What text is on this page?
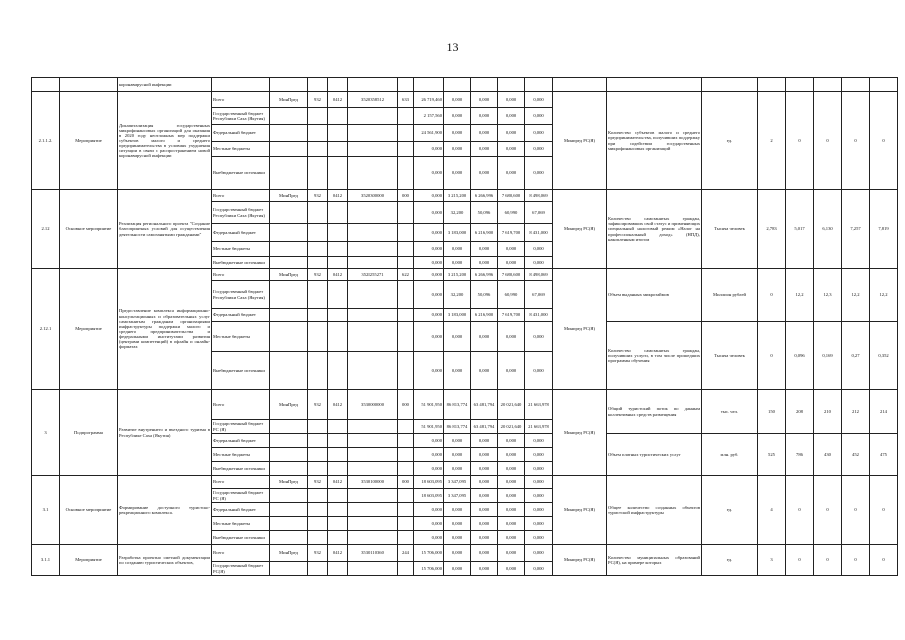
13
		коронавирусной инфекции																			
2.1.1.2.	Мероприятие	Докапитализация государственных микрофинансовых организаций для оказания в 2020 году неотложных мер поддержки субъектов малого и среднего предпринимательства в условиях ухудшения ситуации в связи с распространением новой коронавирусной инфекции	Всего	МинПред	932	0412	3520358512	633	26 719,460	0,000	0,000	0,000	0,000	Минпред РС(Я)	Количество субъектов малого и среднего предпринимательства, получивших поддержку при содействии государственных микрофинансовых организаций	ед.	2	0	0	0	0
			Государственный бюджет Республики Саха (Якутия)						2 157,560	0,000	0,000	0,000	0,000								
			Федеральный бюджет						24 561,900	0,000	0,000	0,000	0,000								
			Местные бюджеты						0,000	0,000	0,000	0,000	0,000								
			Внебюджетные источники						0,000	0,000	0,000	0,000	0,000								
2.12	Основное мероприятие	Реализация регионального проекта "Создание благоприятных условий для осуществления деятельности самозанятыми гражданами"	Всего	МинПред	932	0412	3520300000	000	0,000	3 215,200	6 266,996	7 680,600	8 498,069	Минпред РС(Я)	Количество самозанятых граждан, зафиксировавших свой статус и применяющих специальный налоговый режим «Налог на профессиональный доход» (НПД), накопленным итогом	Тысяча человек	2,783	5,017	6,130	7,257	7,819
			Государственный бюджет Республики Саха (Якутия)						0,000	32,200	50,096	60,990	67,069								
			Федеральный бюджет						0,000	3 183,000	6 216,900	7 619,700	8 431,000								
			Местные бюджеты						0,000	0,000	0,000	0,000	0,000								
			Внебюджетные источники						0,000	0,000	0,000	0,000	0,000								
2.12.1	Мероприятие	Предоставление комплекса информационно-консультационных и образовательных услуг самозанятым гражданам организациями инфраструктуры поддержки малого и среднего предпринимательства и федеральными институтами развития (центрами компетенций) в офлайн и онлайн-форматах	Всего	МинПред	932	0412	352I255271	622	0,000	3 215,200	6 266,996	7 680,600	8 498,069	Минпред РС(Я)	Объем выданных микрозаймов	Миллион рублей	0	12,2	12,3	12,2	12,2
			Государственный бюджет Республики Саха (Якутия)						0,000	32,200	50,096	60,990	67,069								
			Федеральный бюджет						0,000	3 183,000	6 216,900	7 619,700	8 431,000								
			Местные бюджеты						0,000	0,000	0,000	0,000	0,000		Количество самозанятых граждан, получивших услуги, в том числе прошедших программы обучения	Тысяча человек	0	0,096	0,169	0,27	0,352
			Внебюджетные источники						0,000	0,000	0,000	0,000	0,000								
3	Подпрограмма	Развитие внутреннего и въездного туризма в Республике Саха (Якутия)	Всего	МинПред	932	0412	3530000000	000	51 901,950	86 813,774	63 481,794	20 021,640	21 663,978	Минпред РС(Я)	Общий туристский поток по данным коллективных средств размещения	тыс. чел.	150	208	210	212	214
			Государственный бюджет РС (Я)						51 901,950	86 813,774	63 481,794	20 021,640	21 663,978								
			Федеральный бюджет						0,000	0,000	0,000	0,000	0,000		Объем платных туристических услуг	млн. руб.	525	786	430	452	475
			Местные бюджеты						0,000	0,000	0,000	0,000	0,000								
			Внебюджетные источники						0,000	0,000	0,000	0,000	0,000								
3.1	Основное мероприятие	Формирование доступного туристско-рекреационного комплекса.	Всего	МинПред	932	0412	3530100000	000	18 603,095	3 347,095	0,000	0,000	0,000	Минпред РС(Я)	Общее количество созданных объектов туристской инфраструктуры	ед.	4	0	0	0	0
			Государственный бюджет РС (Я)						18 603,095	3 347,095	0,000	0,000	0,000								
			Федеральный бюджет						0,000	0,000	0,000	0,000	0,000								
			Местные бюджеты						0,000	0,000	0,000	0,000	0,000								
			Внебюджетные источники						0,000	0,000	0,000	0,000	0,000								
3.1.1	Мероприятие	Разработка проектно сметной документации по созданию туристических объектов,	Всего	МинПред	932	0412	3530110360	244	15 706,000	0,000	0,000	0,000	0,000	Минпред РС(Я)	Количество муниципальных образований РС(Я), на примере которых	ед.	3	0	0	0	0
			Государственный бюджет РС(Я)						15 706,000	0,000	0,000	0,000	0,000								
